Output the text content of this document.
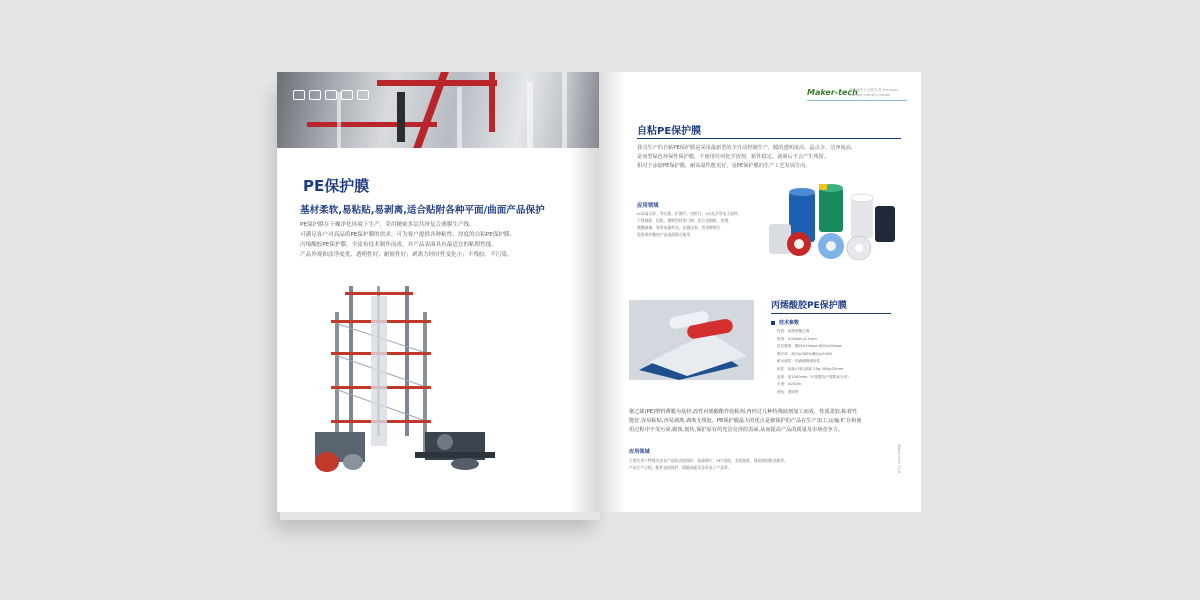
PE保护膜
基材柔软,易粘贴,易剥离,适合贴附各种平面/曲面产品保护

PE保护膜在干燥净化环境下生产。采用精密多层共挤复合薄膜生产线。

可满足客户对高品质PE保护膜的需求。可为客户提供各种粘性、厚度的自粘PE保护膜、

丙烯酸胶PE保护膜。全涂布技术制作而成，对产品表面具有最适宜的粘附性能。

产品外观和涂净度优、透明性好、耐候性好；剥离力经时性变化小；不残胶、不污染。

Maker-tech
精密涂布行业领先者 Precision coating industry leader
自粘PE保护膜

我司生产的自粘PE保护膜是采用最新型的全自动控制生产，膜的透明度高、晶点少、洁净度高、

是而型绿色环保性保护膜，不使用任何化学溶剂，粘性稳定，剥离后不会产生残留。

相对于涂胶PE保护膜，耐高温性能更好，是PE保护膜的生产工艺发展方向。

应用领域

LCD显示屏、导光板、扩散片、亮折片、CG光学等电子部件。

不锈钢板、铝板、塑钢型材等门窗、铝合金钢板、铝塑、

镀膜玻璃、家用电器外壳、仪器仪表、管表种镜头

需要保护膜的产品表面都可使用

丙烯酸胶PE保护膜
技术参数

材质：低密度聚乙烯

厚度：0.04mm-0.1mm

抗拉强度：横向≥10mpa 纵向≥20mpa

断长率：纵向≥300%横向≥200%

耐水流性：药液稀释度粘性

粘性：低粘(中粘)高粘 25g-300g/25mm

宽度：宽1300mm（可根据客户需要来分切）

长度：≥200m

颜色：透明等

聚乙烯(PE)塑料薄膜为基材,改性丙烯酸酯作胶粘剂,再经过几种特殊助剂加工而成，性质柔软,粘着性

能好,容易粘贴,容易剥离,剥离无残胶。PE保护膜最大的优点是被保护的产品在生产加工,运输,贮存和使

用过程中不受污染,腐蚀,划伤,保护原有的光洁亮泽的表面,从而提高产品的质量及市场竞争力。

应用领域

主要应用于特殊光洁表产品的表面保护，如薄钢片、PET表面、太阳能板、建筑铸铝板金板等。

产品生产过程，配件表面保护、精确表面及各类电子产品等。	Maker-tech 71-8
